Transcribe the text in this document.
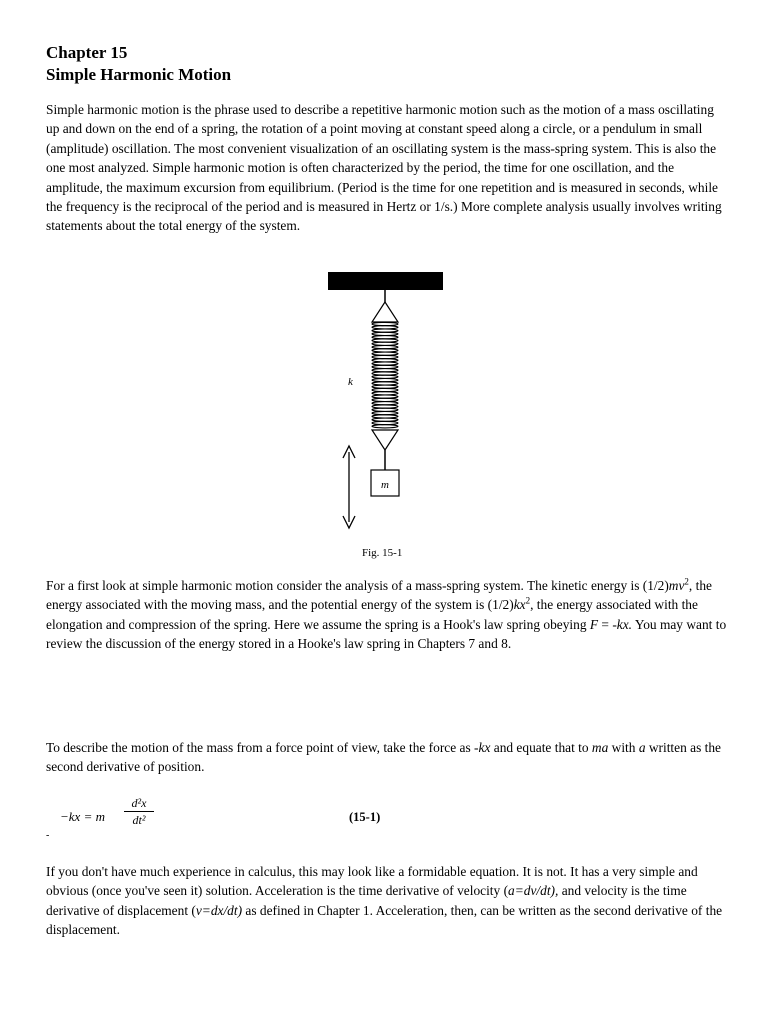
Chapter 15
Simple Harmonic Motion

Simple harmonic motion is the phrase used to describe a repetitive harmonic motion such as the motion of a mass oscillating up and down on the end of a spring, the rotation of a point moving at constant speed along a circle, or a pendulum in small (amplitude) oscillation. The most convenient visualization of an oscillating system is the mass-spring system. This is also the one most analyzed. Simple harmonic motion is often characterized by the period, the time for one oscillation, and the amplitude, the maximum excursion from equilibrium. (Period is the time for one repetition and is measured in seconds, while the frequency is the reciprocal of the period and is measured in Hertz or 1/s.) More complete analysis usually involves writing statements about the total energy of the system.

m
k
Fig. 15-1

For a first look at simple harmonic motion consider the analysis of a mass-spring system. The kinetic energy is $(1/2)mv^2$, the energy associated with the moving mass, and the potential energy of the system is $(1/2)kx^2$, the energy associated with the elongation and compression of the spring. Here we assume the spring is a Hook's law spring obeying F = -kx. You may want to review the discussion of the energy stored in a Hooke's law spring in Chapters 7 and 8.

To describe the motion of the mass from a force point of view, take the force as -kx and equate that to ma with a written as the second derivative of position.

−kx = m
d²x
dt²	(15-1)
-

If you don't have much experience in calculus, this may look like a formidable equation. It is not. It has a very simple and obvious (once you've seen it) solution. Acceleration is the time derivative of velocity (a=dv/dt), and velocity is the time derivative of displacement (v=dx/dt) as defined in Chapter 1. Acceleration, then, can be written as the second derivative of the displacement.
